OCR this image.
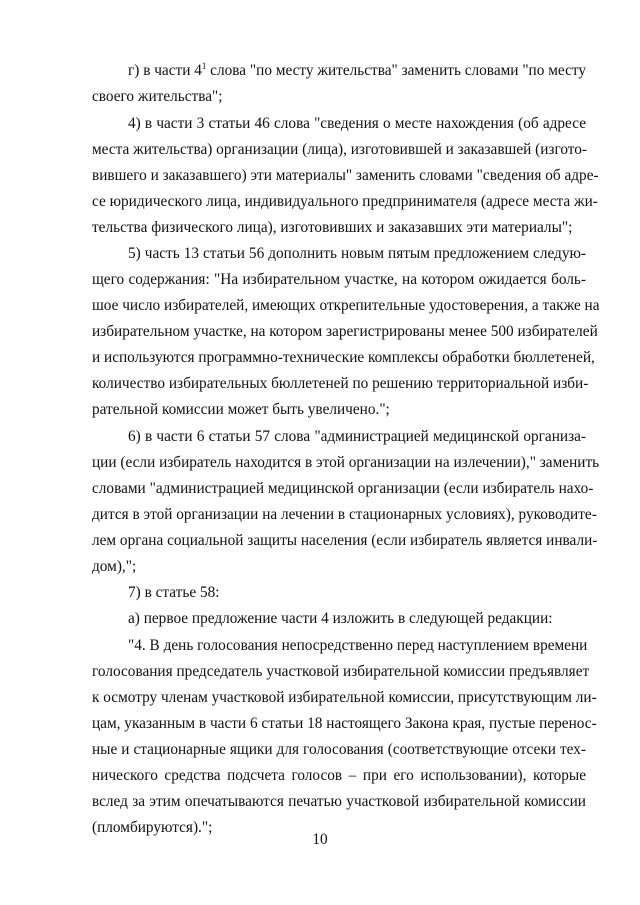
г) в части $4^1$ слова "по месту жительства" заменить словами "по месту
своего жительства";
4) в части 3 статьи 46 слова "сведения о месте нахождения (об адресе
места жительства) организации (лица), изготовившей и заказавшей (изгото-
вившего и заказавшего) эти материалы" заменить словами "сведения об адре-
се юридического лица, индивидуального предпринимателя (адресе места жи-
тельства физического лица), изготовивших и заказавших эти материалы";
5) часть 13 статьи 56 дополнить новым пятым предложением следую-
щего содержания: "На избирательном участке, на котором ожидается боль-
шое число избирателей, имеющих открепительные удостоверения, а также на
избирательном участке, на котором зарегистрированы менее 500 избирателей
и используются программно-технические комплексы обработки бюллетеней,
количество избирательных бюллетеней по решению территориальной изби-
рательной комиссии может быть увеличено.";
6) в части 6 статьи 57 слова "администрацией медицинской организа-
ции (если избиратель находится в этой организации на излечении)," заменить
словами "администрацией медицинской организации (если избиратель нахо-
дится в этой организации на лечении в стационарных условиях), руководите-
лем органа социальной защиты населения (если избиратель является инвали-
дом),";
7) в статье 58:
а) первое предложение части 4 изложить в следующей редакции:
"4. В день голосования непосредственно перед наступлением времени
голосования председатель участковой избирательной комиссии предъявляет
к осмотру членам участковой избирательной комиссии, присутствующим ли-
цам, указанным в части 6 статьи 18 настоящего Закона края, пустые перенос-
ные и стационарные ящики для голосования (соответствующие отсеки тех-
нического средства подсчета голосов – при его использовании), которые
вслед за этим опечатываются печатью участковой избирательной комиссии
(пломбируются).";
10
